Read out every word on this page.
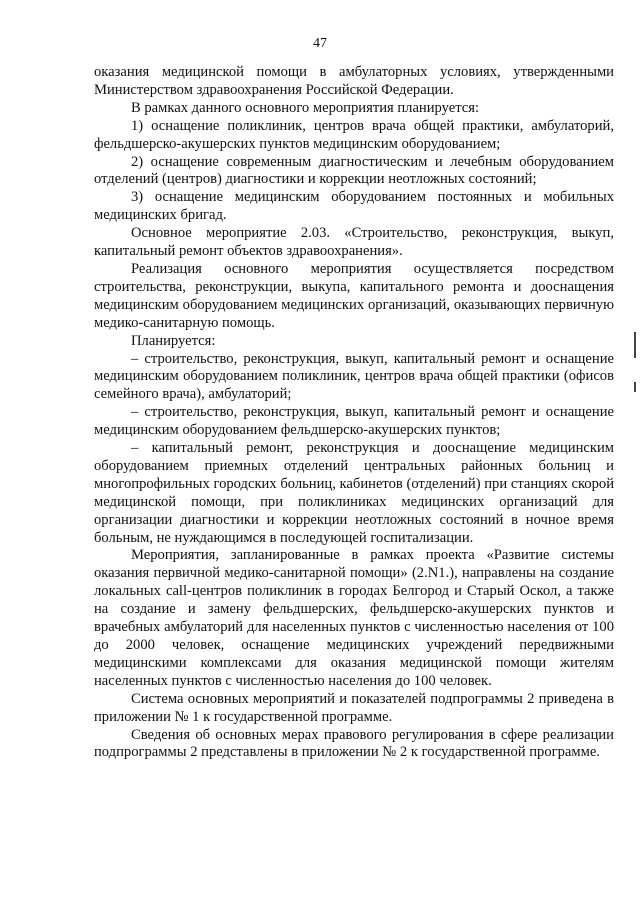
47

оказания медицинской помощи в амбулаторных условиях, утвержденными Министерством здравоохранения Российской Федерации.

В рамках данного основного мероприятия планируется:

1) оснащение поликлиник, центров врача общей практики, амбулаторий, фельдшерско-акушерских пунктов медицинским оборудованием;

2) оснащение современным диагностическим и лечебным оборудованием отделений (центров) диагностики и коррекции неотложных состояний;

3) оснащение медицинским оборудованием постоянных и мобильных медицинских бригад.

Основное мероприятие 2.03. «Строительство, реконструкция, выкуп, капитальный ремонт объектов здравоохранения».

Реализация основного мероприятия осуществляется посредством строительства, реконструкции, выкупа, капитального ремонта и дооснащения медицинским оборудованием медицинских организаций, оказывающих первичную медико-санитарную помощь.

Планируется:

– строительство, реконструкция, выкуп, капитальный ремонт и оснащение медицинским оборудованием поликлиник, центров врача общей практики (офисов семейного врача), амбулаторий;

– строительство, реконструкция, выкуп, капитальный ремонт и оснащение медицинским оборудованием фельдшерско-акушерских пунктов;

– капитальный ремонт, реконструкция и дооснащение медицинским оборудованием приемных отделений центральных районных больниц и многопрофильных городских больниц, кабинетов (отделений) при станциях скорой медицинской помощи, при поликлиниках медицинских организаций для организации диагностики и коррекции неотложных состояний в ночное время больным, не нуждающимся в последующей госпитализации.

Мероприятия, запланированные в рамках проекта «Развитие системы оказания первичной медико-санитарной помощи» (2.N1.), направлены на создание локальных call-центров поликлиник в городах Белгород и Старый Оскол, а также на создание и замену фельдшерских, фельдшерско-акушерских пунктов и врачебных амбулаторий для населенных пунктов с численностью населения от 100 до 2000 человек, оснащение медицинских учреждений передвижными медицинскими комплексами для оказания медицинской помощи жителям населенных пунктов с численностью населения до 100 человек.

Система основных мероприятий и показателей подпрограммы 2 приведена в приложении № 1 к государственной программе.

Сведения об основных мерах правового регулирования в сфере реализации подпрограммы 2 представлены в приложении № 2 к государственной программе.
